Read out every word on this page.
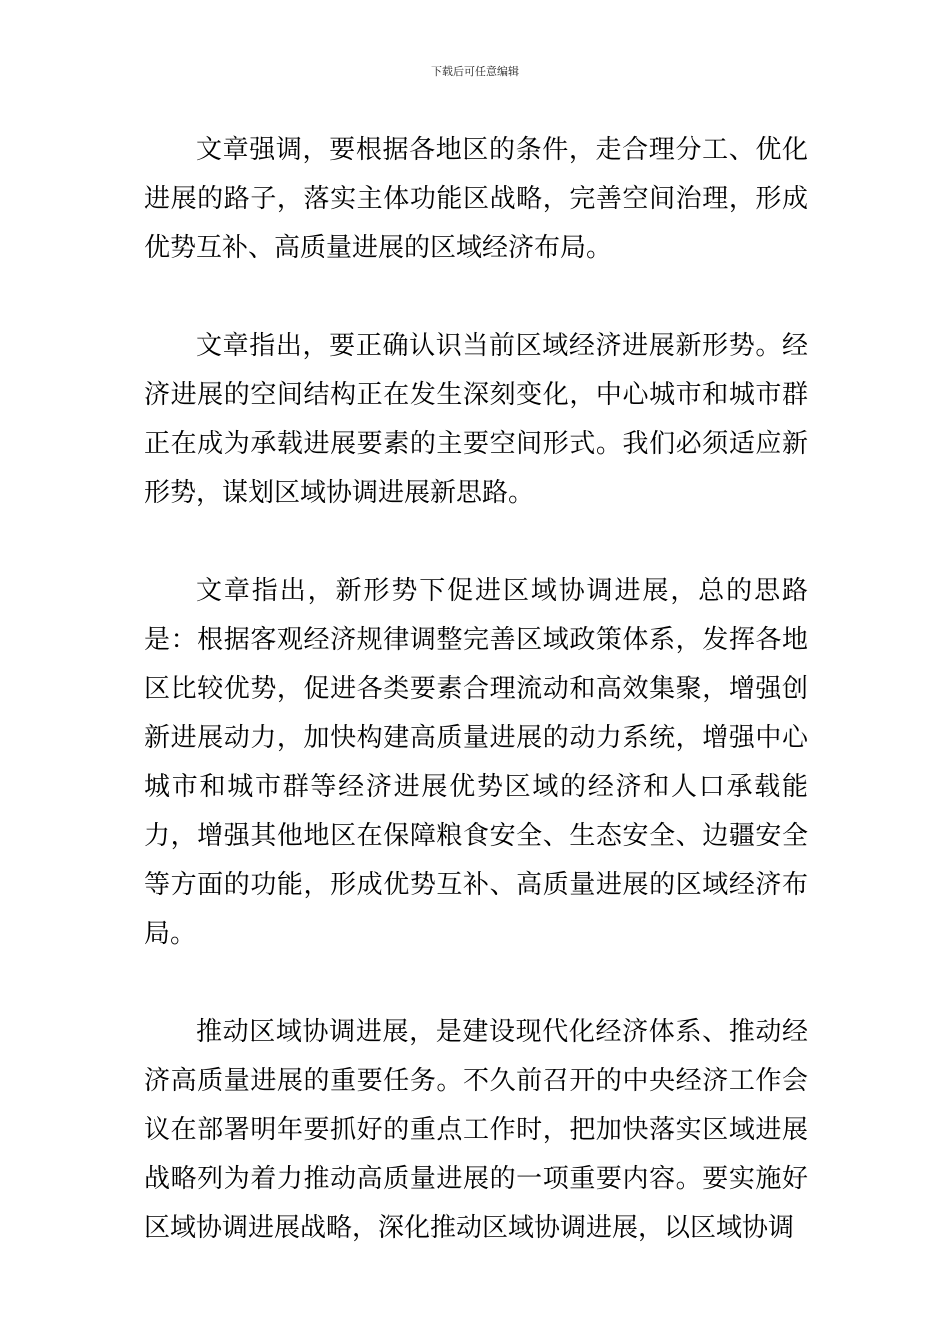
下载后可任意编辑

文章强调，要根据各地区的条件，走合理分工、优化进展的路子，落实主体功能区战略，完善空间治理，形成优势互补、高质量进展的区域经济布局。

文章指出，要正确认识当前区域经济进展新形势。经济进展的空间结构正在发生深刻变化，中心城市和城市群正在成为承载进展要素的主要空间形式。我们必须适应新形势，谋划区域协调进展新思路。

文章指出，新形势下促进区域协调进展，总的思路是：根据客观经济规律调整完善区域政策体系，发挥各地区比较优势，促进各类要素合理流动和高效集聚，增强创新进展动力，加快构建高质量进展的动力系统，增强中心城市和城市群等经济进展优势区域的经济和人口承载能力，增强其他地区在保障粮食安全、生态安全、边疆安全等方面的功能，形成优势互补、高质量进展的区域经济布局。

推动区域协调进展，是建设现代化经济体系、推动经济高质量进展的重要任务。不久前召开的中央经济工作会议在部署明年要抓好的重点工作时，把加快落实区域进展战略列为着力推动高质量进展的一项重要内容。要实施好区域协调进展战略，深化推动区域协调进展，以区域协调
